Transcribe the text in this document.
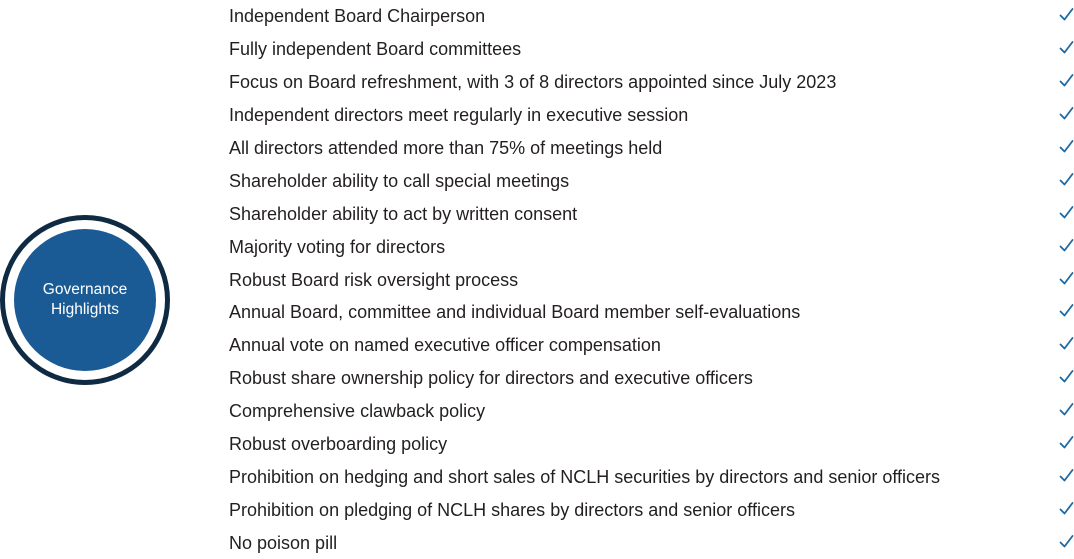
Governance
Highlights
Independent Board Chairperson
Fully independent Board committees
Focus on Board refreshment, with 3 of 8 directors appointed since July 2023
Independent directors meet regularly in executive session
All directors attended more than 75% of meetings held
Shareholder ability to call special meetings
Shareholder ability to act by written consent
Majority voting for directors
Robust Board risk oversight process
Annual Board, committee and individual Board member self-evaluations
Annual vote on named executive officer compensation
Robust share ownership policy for directors and executive officers
Comprehensive clawback policy
Robust overboarding policy
Prohibition on hedging and short sales of NCLH securities by directors and senior officers
Prohibition on pledging of NCLH shares by directors and senior officers
No poison pill
